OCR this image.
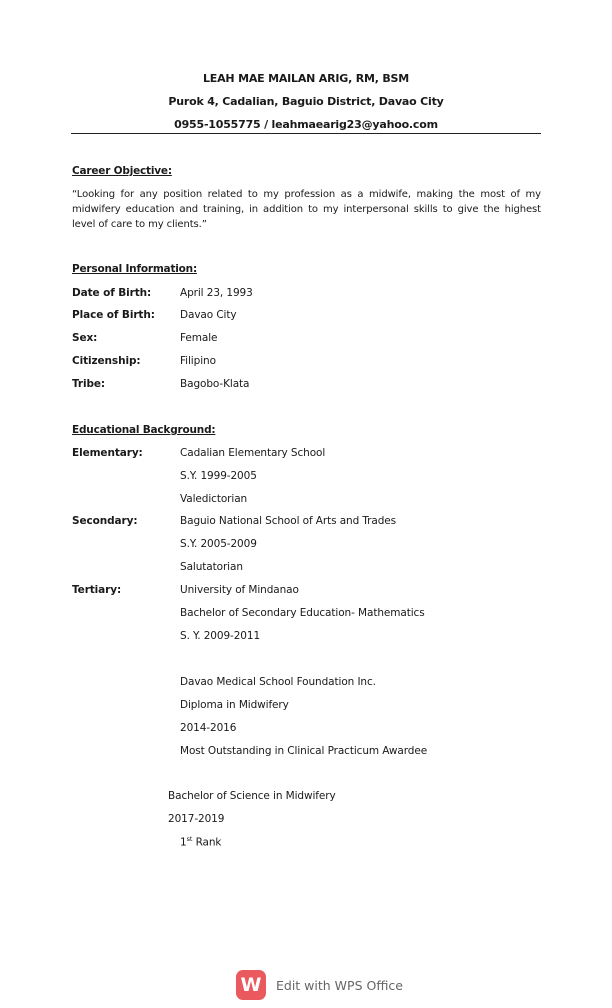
LEAH MAE MAILAN ARIG, RM, BSM
Purok 4, Cadalian, Baguio District, Davao City
0955-1055775 / leahmaearig23@yahoo.com
Career Objective:
“Looking for any position related to my profession as a midwife, making the most of my midwifery education and training, in addition to my interpersonal skills to give the highest level of care to my clients.”
Personal Information:
Date of Birth:	April 23, 1993
Place of Birth: Davao City
Sex:	Female
Citizenship:	Filipino
Tribe:	Bagobo-Klata
Educational Background:
Elementary:	Cadalian Elementary School
S.Y. 1999-2005
Valedictorian
Secondary:	Baguio National School of Arts and Trades
S.Y. 2005-2009
Salutatorian
Tertiary:	University of Mindanao
Bachelor of Secondary Education- Mathematics
S. Y. 2009-2011
Davao Medical School Foundation Inc.
Diploma in Midwifery
2014-2016
Most Outstanding in Clinical Practicum Awardee
Bachelor of Science in Midwifery
2017-2019
1st Rank
W	Edit with WPS Office
